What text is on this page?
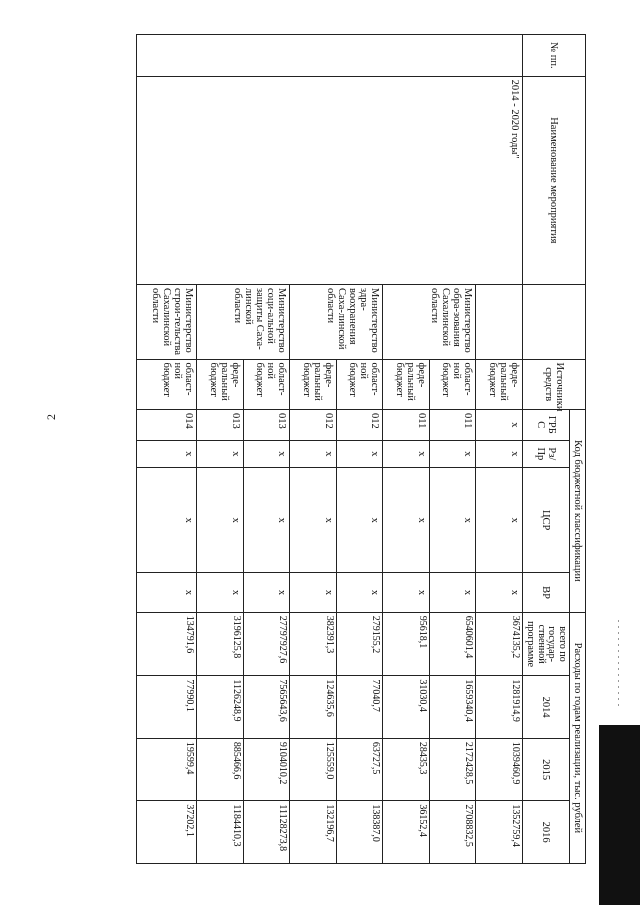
2
№ пп.	Наименование мероприятия		Источники средств	Код бюджетной классификации				Расходы по годам реализации, тыс. рублей			
				ГРБ С	Рз/ Пр	ЦСР	ВР	всего по государ-ственной программе	2014	2015	2016
	2014 - 2020 годы"		феде-ральный бюджет	х	х	х	х	3674135,2	1281914,9	1039460,9	1352759,4
		Министерство обра-зования Сахалинской области	област-ной бюджет	011	х	х	х	6540601,4	1659340,4	2172428,5	2708832,5
			феде-ральный бюджет	011	х	х	х	95618,1	31030,4	28435,3	36152,4
		Министерство здра-воохранения Саха-линской области	област-ной бюджет	012	х	х	х	279155,2	77040,7	63727,5	138387,0
			феде-ральный бюджет	012	х	х	х	382391,3	124635,6	125559,0	132196,7
		Министерство соци-альной защиты Саха-линской области	област-ной бюджет	013	х	х	х	27797927,6	7565643,6	9104010,2	11128273,8
			феде-ральный бюджет	013	х	х	х	3196125,8	1126248,9	885466,6	1184410,3
		Министерство строи-тельства Сахалинской области	област-ной бюджет	014	х	х	х	134791,6	77990,1	19599,4	37202,1
